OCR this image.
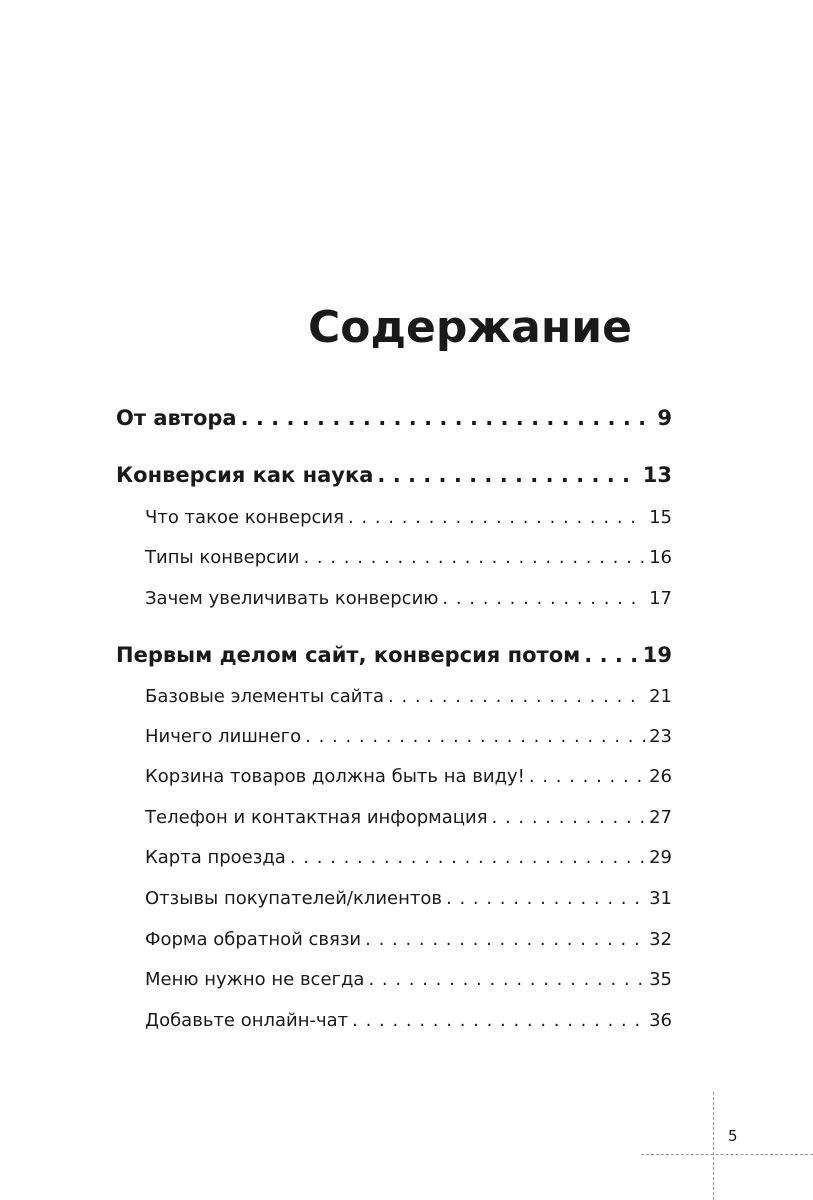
Содержание
От автора . . .	9
Конверсия как наука . . .	13
Что такое конверсия . . .	15
Типы конверсии . . .	16
Зачем увеличивать конверсию . . .	17
Первым делом сайт, конверсия потом . . .	19
Базовые элементы сайта . . .	21
Ничего лишнего . . .	23
Корзина товаров должна быть на виду! . . .	26
Телефон и контактная информация . . .	27
Карта проезда . . .	29
Отзывы покупателей/клиентов . . .	31
Форма обратной связи . . .	32
Меню нужно не всегда . . .	35
Добавьте онлайн-чат . . .	36
5
